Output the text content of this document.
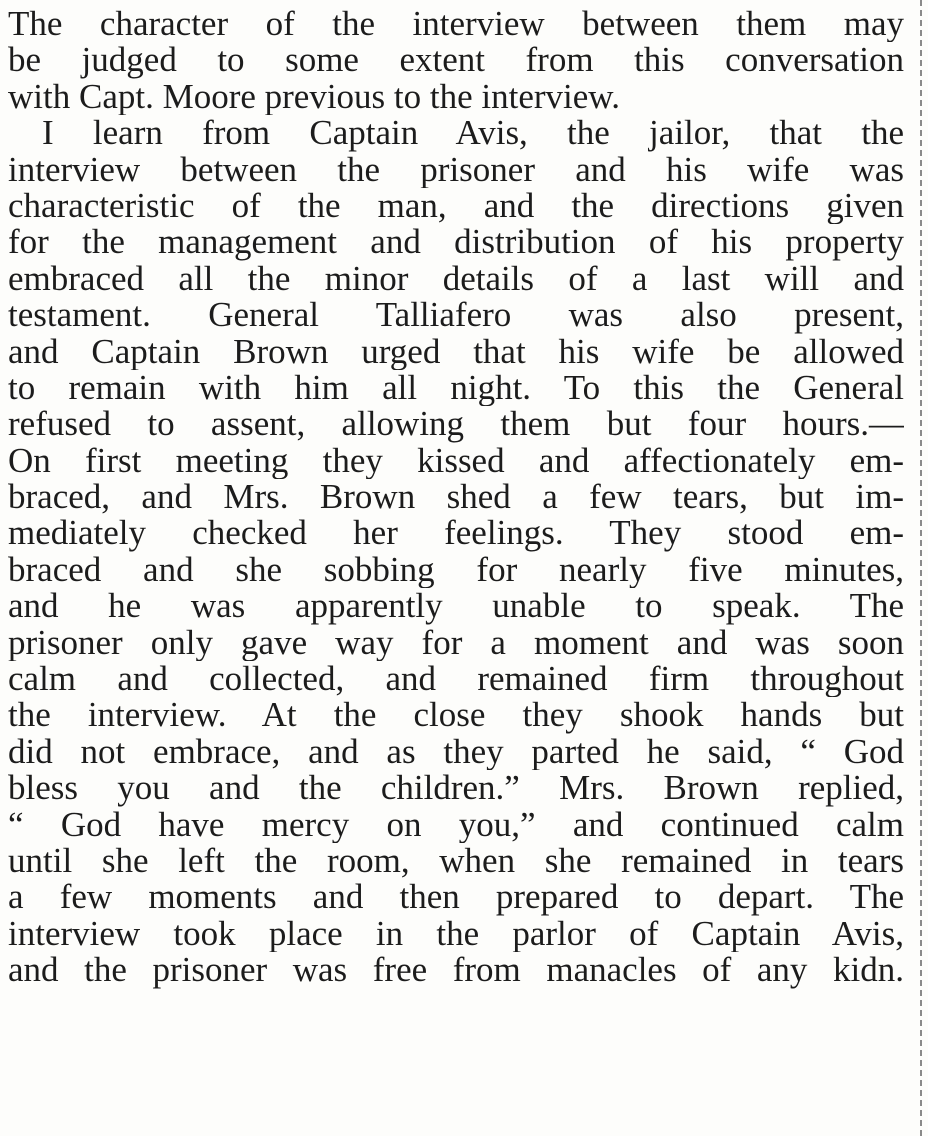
The character of the interview between them may
be judged to some extent from this conversation
with Capt. Moore previous to the interview.
I learn from Captain Avis, the jailor, that the
interview between the prisoner and his wife was
characteristic of the man, and the directions given
for the management and distribution of his property
embraced all the minor details of a last will and
testament. General Talliafero was also present,
and Captain Brown urged that his wife be allowed
to remain with him all night. To this the General
refused to assent, allowing them but four hours.—
On first meeting they kissed and affectionately em-
braced, and Mrs. Brown shed a few tears, but im-
mediately checked her feelings. They stood em-
braced and she sobbing for nearly five minutes,
and he was apparently unable to speak. The
prisoner only gave way for a moment and was soon
calm and collected, and remained firm throughout
the interview. At the close they shook hands but
did not embrace, and as they parted he said, “ God
bless you and the children.” Mrs. Brown replied,
“ God have mercy on you,” and continued calm
until she left the room, when she remained in tears
a few moments and then prepared to depart. The
interview took place in the parlor of Captain Avis,
and the prisoner was free from manacles of any kidn.
